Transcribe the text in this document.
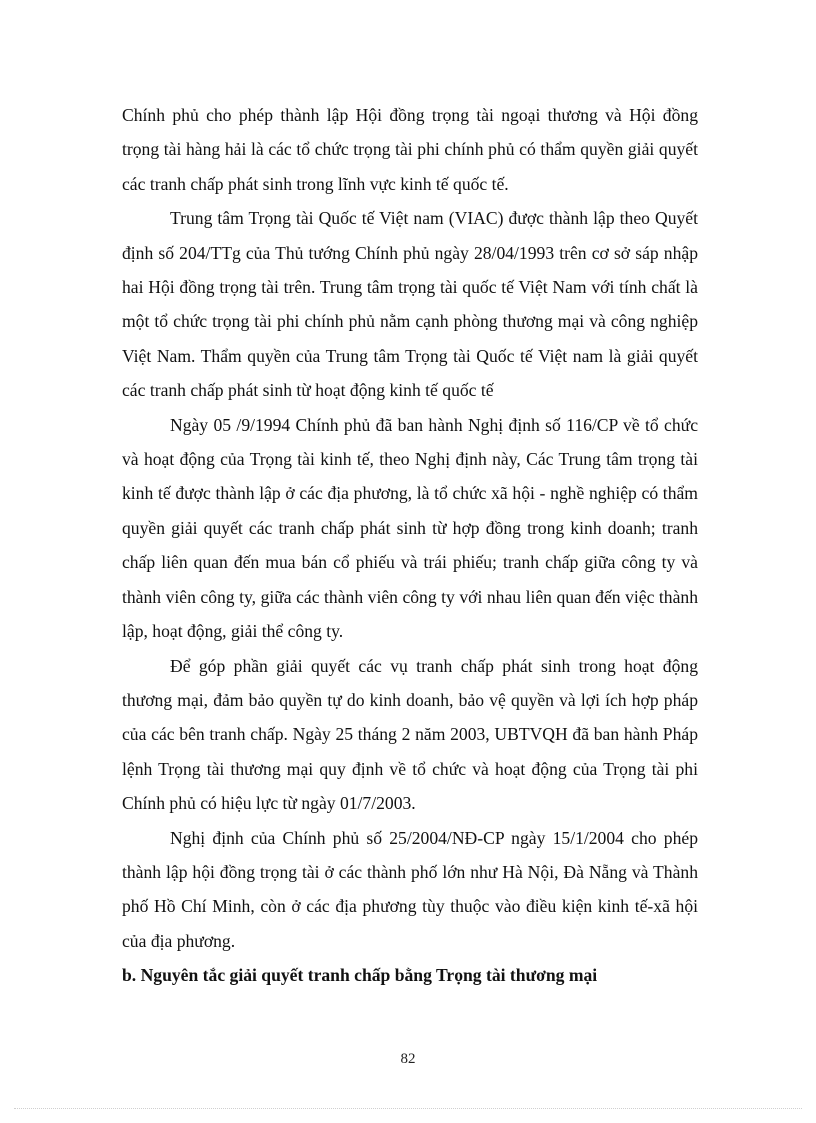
Chính phủ cho phép thành lập Hội đồng trọng tài ngoại thương và Hội đồng trọng tài hàng hải là các tổ chức trọng tài phi chính phủ có thẩm quyền giải quyết các tranh chấp phát sinh trong lĩnh vực kinh tế quốc tế.

Trung tâm Trọng tài Quốc tế Việt nam (VIAC) được thành lập theo Quyết định số 204/TTg của Thủ tướng Chính phủ ngày 28/04/1993 trên cơ sở sáp nhập hai Hội đồng trọng tài trên. Trung tâm trọng tài quốc tế Việt Nam với tính chất là một tổ chức trọng tài phi chính phủ nằm cạnh phòng thương mại và công nghiệp Việt Nam. Thẩm quyền của Trung tâm Trọng tài Quốc tế Việt nam là giải quyết các tranh chấp phát sinh từ hoạt động kinh tế quốc tế

Ngày 05 /9/1994 Chính phủ đã ban hành Nghị định số 116/CP về tổ chức và hoạt động của Trọng tài kinh tế, theo Nghị định này, Các Trung tâm trọng tài kinh tế được thành lập ở các địa phương, là tổ chức xã hội - nghề nghiệp có thẩm quyền giải quyết các tranh chấp phát sinh từ hợp đồng trong kinh doanh; tranh chấp liên quan đến mua bán cổ phiếu và trái phiếu; tranh chấp giữa công ty và thành viên công ty, giữa các thành viên công ty với nhau liên quan đến việc thành lập, hoạt động, giải thể công ty.

Để góp phần giải quyết các vụ tranh chấp phát sinh trong hoạt động thương mại, đảm bảo quyền tự do kinh doanh, bảo vệ quyền và lợi ích hợp pháp của các bên tranh chấp. Ngày 25 tháng 2 năm 2003, UBTVQH đã ban hành Pháp lệnh Trọng tài thương mại quy định về tổ chức và hoạt động của Trọng tài phi Chính phủ có hiệu lực từ ngày 01/7/2003.

Nghị định của Chính phủ số 25/2004/NĐ-CP ngày 15/1/2004 cho phép thành lập hội đồng trọng tài ở các thành phố lớn như Hà Nội, Đà Nẵng và Thành phố Hồ Chí Minh, còn ở các địa phương tùy thuộc vào điều kiện kinh tế-xã hội của địa phương.

b. Nguyên tắc giải quyết tranh chấp bằng Trọng tài thương mại

82
